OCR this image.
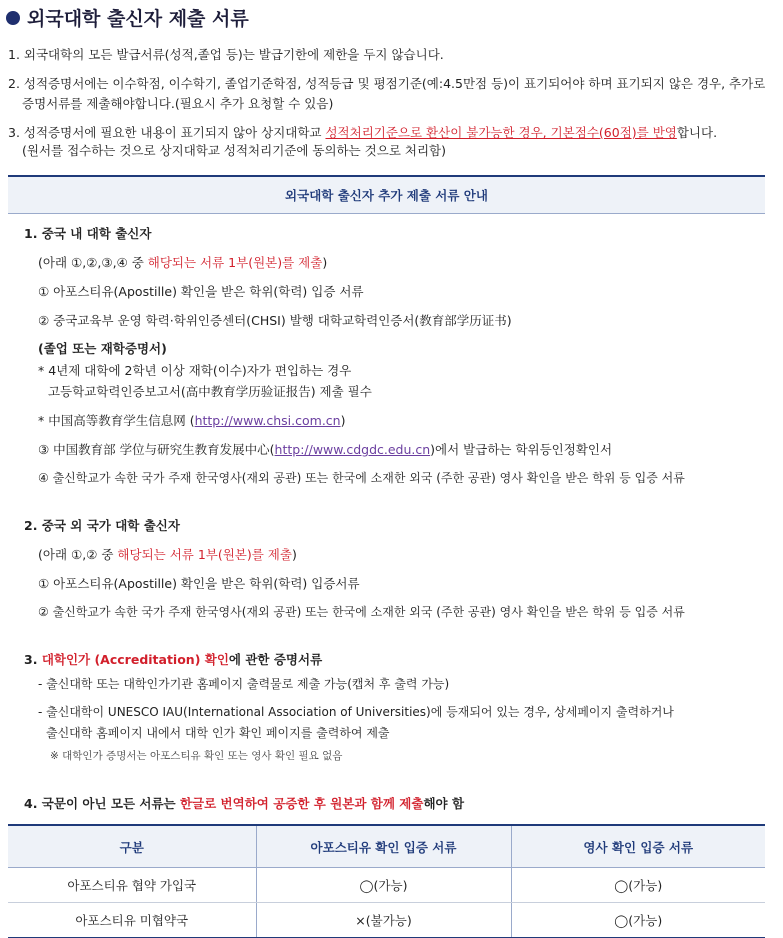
외국대학 출신자 제출 서류
1. 외국대학의 모든 발급서류(성적,졸업 등)는 발급기한에 제한을 두지 않습니다.
2. 성적증명서에는 이수학점, 이수학기, 졸업기준학점, 성적등급 및 평점기준(예:4.5만점 등)이 표기되어야 하며 표기되지 않은 경우, 추가로
증명서류를 제출해야합니다.(필요시 추가 요청할 수 있음)
3. 성적증명서에 필요한 내용이 표기되지 않아 상지대학교 성적처리기준으로 환산이 불가능한 경우, 기본점수(60점)를 반영합니다.
(원서를 접수하는 것으로 상지대학교 성적처리기준에 동의하는 것으로 처리함)
외국대학 출신자 추가 제출 서류 안내
1. 중국 내 대학 출신자
(아래 ①,②,③,④ 중 해당되는 서류 1부(원본)를 제출)
① 아포스티유(Apostille) 확인을 받은 학위(학력) 입증 서류
② 중국교육부 운영 학력·학위인증센터(CHSI) 발행 대학교학력인증서(教育部学历证书)
(졸업 또는 재학증명서)
* 4년제 대학에 2학년 이상 재학(이수)자가 편입하는 경우
고등학교학력인증보고서(高中教育学历验证报告) 제출 필수
* 中国高等教育学生信息网 (http://www.chsi.com.cn)
③ 中国教育部 学位与研究生教育发展中心(http://www.cdgdc.edu.cn)에서 발급하는 학위등인정확인서
④ 출신학교가 속한 국가 주재 한국영사(재외 공관) 또는 한국에 소재한 외국 (주한 공관) 영사 확인을 받은 학위 등 입증 서류
2. 중국 외 국가 대학 출신자
(아래 ①,② 중 해당되는 서류 1부(원본)를 제출)
① 아포스티유(Apostille) 확인을 받은 학위(학력) 입증서류
② 출신학교가 속한 국가 주재 한국영사(재외 공관) 또는 한국에 소재한 외국 (주한 공관) 영사 확인을 받은 학위 등 입증 서류
3. 대학인가 (Accreditation) 확인에 관한 증명서류
- 출신대학 또는 대학인가기관 홈페이지 출력물로 제출 가능(캡처 후 출력 가능)
- 출신대학이 UNESCO IAU(International Association of Universities)에 등재되어 있는 경우, 상세페이지 출력하거나
출신대학 홈페이지 내에서 대학 인가 확인 페이지를 출력하여 제출
※ 대학인가 증명서는 아포스티유 확인 또는 영사 확인 필요 없음
4. 국문이 아닌 모든 서류는 한글로 번역하여 공증한 후 원본과 함께 제출해야 함
구분	아포스티유 확인 입증 서류	영사 확인 입증 서류
아포스티유 협약 가입국	◯(가능)	◯(가능)
아포스티유 미협약국	×(불가능)	◯(가능)
